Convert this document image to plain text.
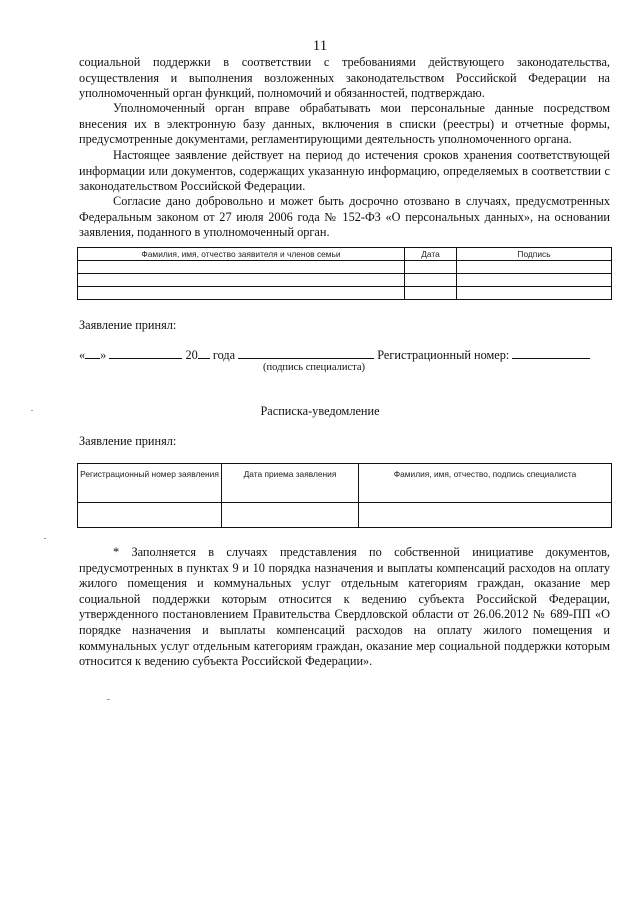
11

социальной поддержки в соответствии с требованиями действующего законодательства, осуществления и выполнения возложенных законодательством Российской Федерации на уполномоченный орган функций, полномочий и обязанностей, подтверждаю.

Уполномоченный орган вправе обрабатывать мои персональные данные посредством внесения их в электронную базу данных, включения в списки (реестры) и отчетные формы, предусмотренные документами, регламентирующими деятельность уполномоченного органа.

Настоящее заявление действует на период до истечения сроков хранения соответствующей информации или документов, содержащих указанную информацию, определяемых в соответствии с законодательством Российской Федерации.

Согласие дано добровольно и может быть досрочно отозвано в случаях, предусмотренных Федеральным законом от 27 июля 2006 года № 152-ФЗ «О персональных данных», на основании заявления, поданного в уполномоченный орган.

Фамилия, имя, отчество заявителя и членов семьи	Дата	Подпись

Заявление принял:
« »	20 года	Регистрационный номер:
(подпись специалиста)
Расписка-уведомление
Заявление принял:
Регистрационный номер заявления	Дата приема заявления	Фамилия, имя, отчество, подпись специалиста

* Заполняется в случаях представления по собственной инициативе документов, предусмотренных в пунктах 9 и 10 порядка назначения и выплаты компенсаций расходов на оплату жилого помещения и коммунальных услуг отдельным категориям граждан, оказание мер социальной поддержки которым относится к ведению субъекта Российской Федерации, утвержденного постановлением Правительства Свердловской области от 26.06.2012 № 689-ПП «О порядке назначения и выплаты компенсаций расходов на оплату жилого помещения и коммунальных услуг отдельным категориям граждан, оказание мер социальной поддержки которым относится к ведению субъекта Российской Федерации».
